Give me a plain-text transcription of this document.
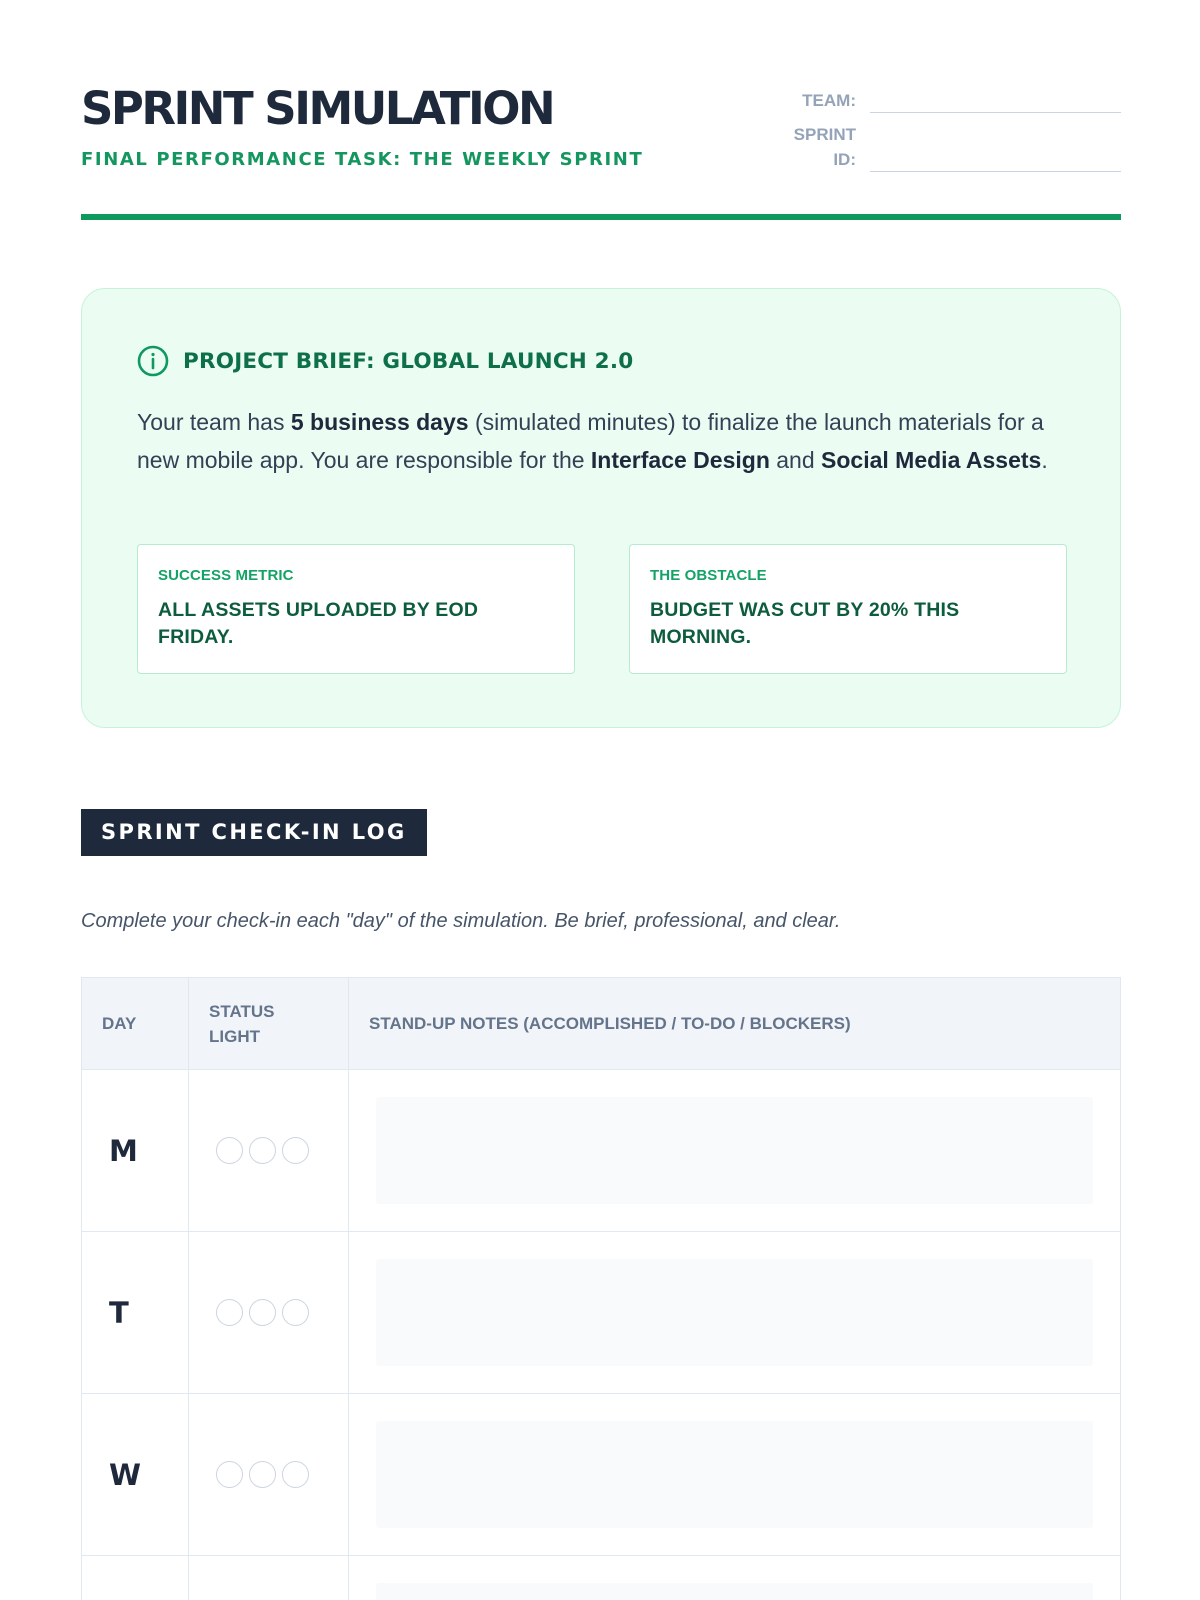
SPRINT SIMULATION
FINAL PERFORMANCE TASK: THE WEEKLY SPRINT
TEAM:
SPRINT
ID:
PROJECT BRIEF: GLOBAL LAUNCH 2.0
Your team has 5 business days (simulated minutes) to finalize the launch materials for a new mobile app. You are responsible for the Interface Design and Social Media Assets.
SUCCESS METRIC
ALL ASSETS UPLOADED BY EOD FRIDAY.
THE OBSTACLE
BUDGET WAS CUT BY 20% THIS MORNING.
SPRINT CHECK-IN LOG
Complete your check-in each "day" of the simulation. Be brief, professional, and clear.
DAY
STATUS
LIGHT
STAND-UP NOTES (ACCOMPLISHED / TO-DO / BLOCKERS)
M
T
W
